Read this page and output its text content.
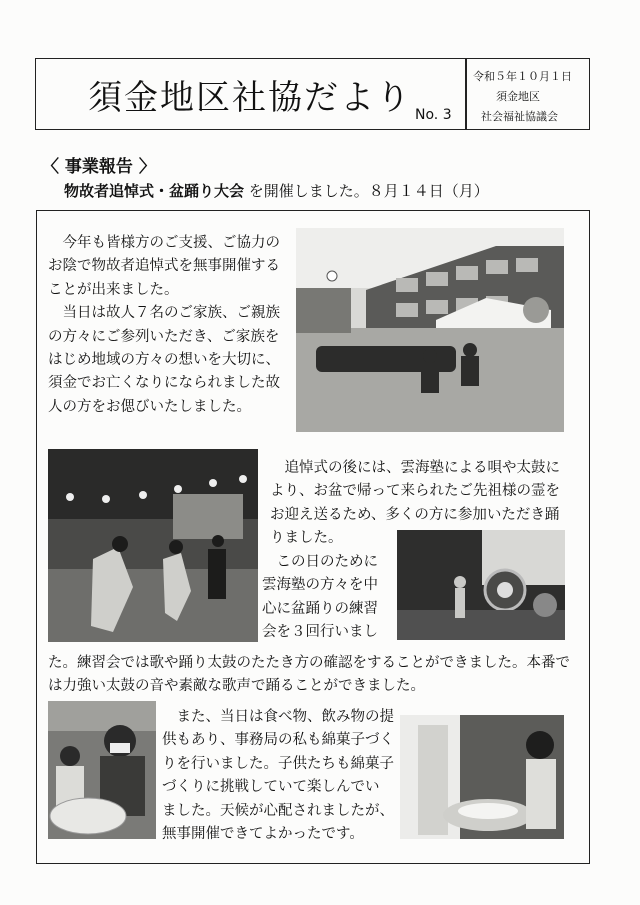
須金地区社協だより No. 3
令和５年１０月１日
須金地区
社会福祉協議会
〈 事業報告 〉
物故者追悼式・盆踊り大会 を開催しました。８月１４日（月）

　今年も皆様方のご支援、ご協力の
お陰で物故者追悼式を無事開催する
ことが出来ました。
　当日は故人７名のご家族、ご親族
の方々にご参列いただき、ご家族を
はじめ地域の方々の想いを大切に、
須金でお亡くなりになられました故
人の方をお偲びいたしました。

　追悼式の後には、雲海塾による唄や太鼓に
より、お盆で帰って来られたご先祖様の霊を
お迎え送るため、多くの方に参加いただき踊
りました。

　この日のために
雲海塾の方々を中
心に盆踊りの練習
会を３回行いまし

た。練習会では歌や踊り太鼓のたたき方の確認をすることができました。本番で
は力強い太鼓の音や素敵な歌声で踊ることができました。

　また、当日は食べ物、飲み物の提
供もあり、事務局の私も綿菓子づく
りを行いました。子供たちも綿菓子
づくりに挑戦していて楽しんでい
ました。天候が心配されましたが、
無事開催できてよかったです。
